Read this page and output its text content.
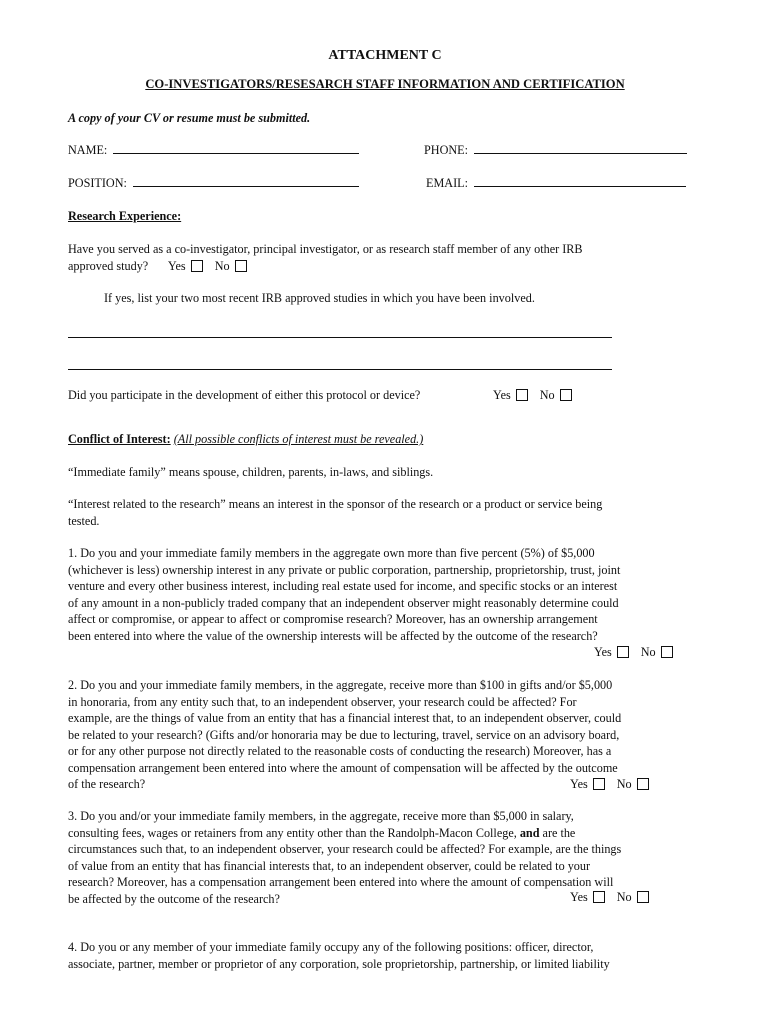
ATTACHMENT C
CO-INVESTIGATORS/RESESARCH STAFF INFORMATION AND CERTIFICATION
A copy of your CV or resume must be submitted.
NAME:	PHONE:
POSITION:	EMAIL:
Research Experience:
Have you served as a co-investigator, principal investigator, or as research staff member of any other IRB
approved study? Yes No
If yes, list your two most recent IRB approved studies in which you have been involved.
Did you participate in the development of either this protocol or device?	Yes No
Conflict of Interest: (All possible conflicts of interest must be revealed.)
“Immediate family” means spouse, children, parents, in-laws, and siblings.
“Interest related to the research” means an interest in the sponsor of the research or a product or service being
tested.
1. Do you and your immediate family members in the aggregate own more than five percent (5%) of $5,000
(whichever is less) ownership interest in any private or public corporation, partnership, proprietorship, trust, joint
venture and every other business interest, including real estate used for income, and specific stocks or an interest
of any amount in a non-publicly traded company that an independent observer might reasonably determine could
affect or compromise, or appear to affect or compromise research? Moreover, has an ownership arrangement
been entered into where the value of the ownership interests will be affected by the outcome of the research?
Yes No
2. Do you and your immediate family members, in the aggregate, receive more than $100 in gifts and/or $5,000
in honoraria, from any entity such that, to an independent observer, your research could be affected? For
example, are the things of value from an entity that has a financial interest that, to an independent observer, could
be related to your research? (Gifts and/or honoraria may be due to lecturing, travel, service on an advisory board,
or for any other purpose not directly related to the reasonable costs of conducting the research) Moreover, has a
compensation arrangement been entered into where the amount of compensation will be affected by the outcome
of the research?	Yes No
3. Do you and/or your immediate family members, in the aggregate, receive more than $5,000 in salary,
consulting fees, wages or retainers from any entity other than the Randolph-Macon College, and are the
circumstances such that, to an independent observer, your research could be affected? For example, are the things
of value from an entity that has financial interests that, to an independent observer, could be related to your
research? Moreover, has a compensation arrangement been entered into where the amount of compensation will
be affected by the outcome of the research?	Yes No
4. Do you or any member of your immediate family occupy any of the following positions: officer, director,
associate, partner, member or proprietor of any corporation, sole proprietorship, partnership, or limited liability
